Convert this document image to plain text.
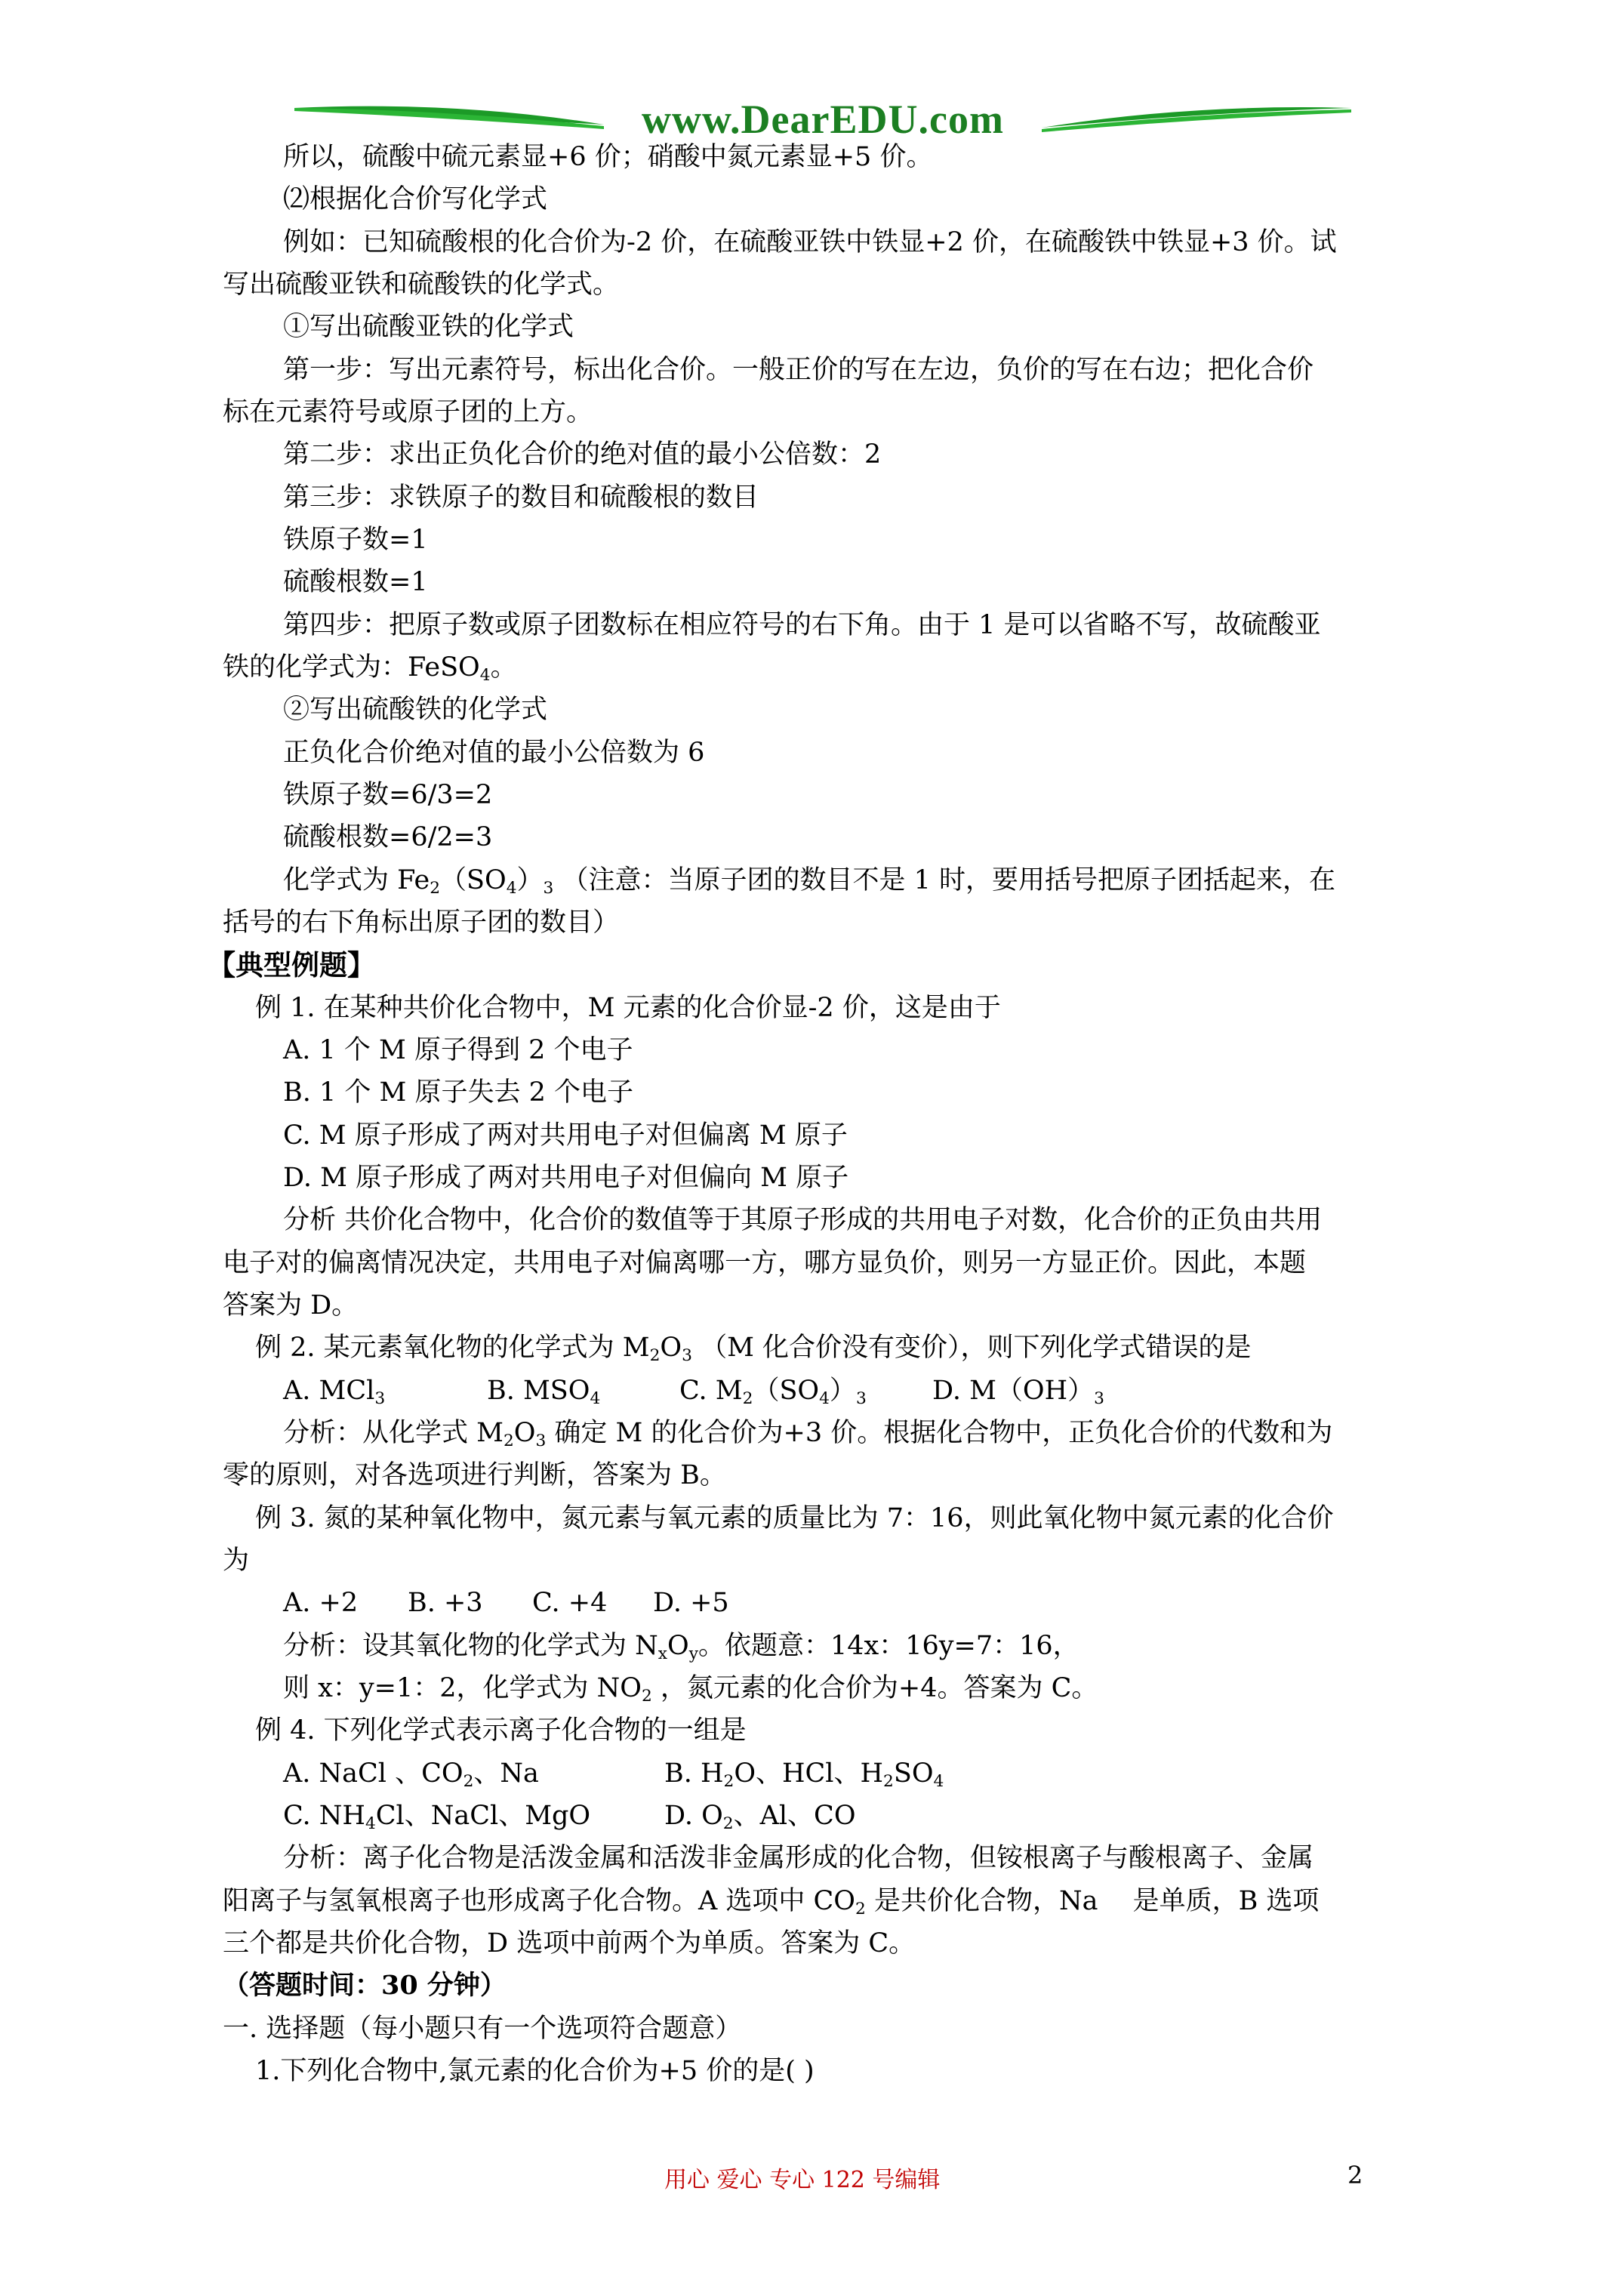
www.DearEDU.com
所以，硫酸中硫元素显+6 价；硝酸中氮元素显+5 价。
⑵根据化合价写化学式
例如：已知硫酸根的化合价为-2 价，在硫酸亚铁中铁显+2 价，在硫酸铁中铁显+3 价。试
写出硫酸亚铁和硫酸铁的化学式。
①写出硫酸亚铁的化学式
第一步：写出元素符号，标出化合价。一般正价的写在左边，负价的写在右边；把化合价
标在元素符号或原子团的上方。
第二步：求出正负化合价的绝对值的最小公倍数：2
第三步：求铁原子的数目和硫酸根的数目
铁原子数=1
硫酸根数=1
第四步：把原子数或原子团数标在相应符号的右下角。由于 1 是可以省略不写，故硫酸亚
铁的化学式为：FeSO$_4$。
②写出硫酸铁的化学式
正负化合价绝对值的最小公倍数为 6
铁原子数=6/3=2
硫酸根数=6/2=3
化学式为 $Fe_2(SO_4)_3$ （注意：当原子团的数目不是 1 时，要用括号把原子团括起来，在
括号的右下角标出原子团的数目）
【典型例题】
例 1. 在某种共价化合物中，M 元素的化合价显-2 价，这是由于
A. 1 个 M 原子得到 2 个电子
B. 1 个 M 原子失去 2 个电子
C. M 原子形成了两对共用电子对但偏离 M 原子
D. M 原子形成了两对共用电子对但偏向 M 原子
分析 共价化合物中，化合价的数值等于其原子形成的共用电子对数，化合价的正负由共用
电子对的偏离情况决定，共用电子对偏离哪一方，哪方显负价，则另一方显正价。因此，本题
答案为 D。
例 2. 某元素氧化物的化学式为 $M_2O_3$ （M 化合价没有变价），则下列化学式错误的是
A. MCl$_3$	B. $MSO_4$	C. $M_2(SO_4)_3$ D. $M(OH)_3$
分析：从化学式 $M_2O_3$ 确定 M 的化合价为+3 价。根据化合物中，正负化合价的代数和为
零的原则，对各选项进行判断，答案为 B。
例 3. 氮的某种氧化物中，氮元素与氧元素的质量比为 7：16，则此氧化物中氮元素的化合价
为
A. +2 B. +3 C. +4 D. +5
分析：设其氧化物的化学式为 $N_xO_y$。依题意：14x：16y=7：16，
则 x：y=1：2，化学式为 $NO_2$ ，氮元素的化合价为+4。答案为 C。
例 4. 下列化学式表示离子化合物的一组是
A. NaCl 、$CO_2$、Na	B. $H_2O$、HCl、$H_2SO_4$
C. $NH_4Cl$、NaCl、MgO	D. $O_2$、Al、CO
分析：离子化合物是活泼金属和活泼非金属形成的化合物，但铵根离子与酸根离子、金属
阳离子与氢氧根离子也形成离子化合物。A 选项中 $CO_2$ 是共价化合物，Na　 是单质，B 选项
三个都是共价化合物，D 选项中前两个为单质。答案为 C。
（答题时间：30 分钟）
一. 选择题（每小题只有一个选项符合题意）
1.下列化合物中,氯元素的化合价为+5 价的是( )
用心 爱心 专心 122 号编辑	2
